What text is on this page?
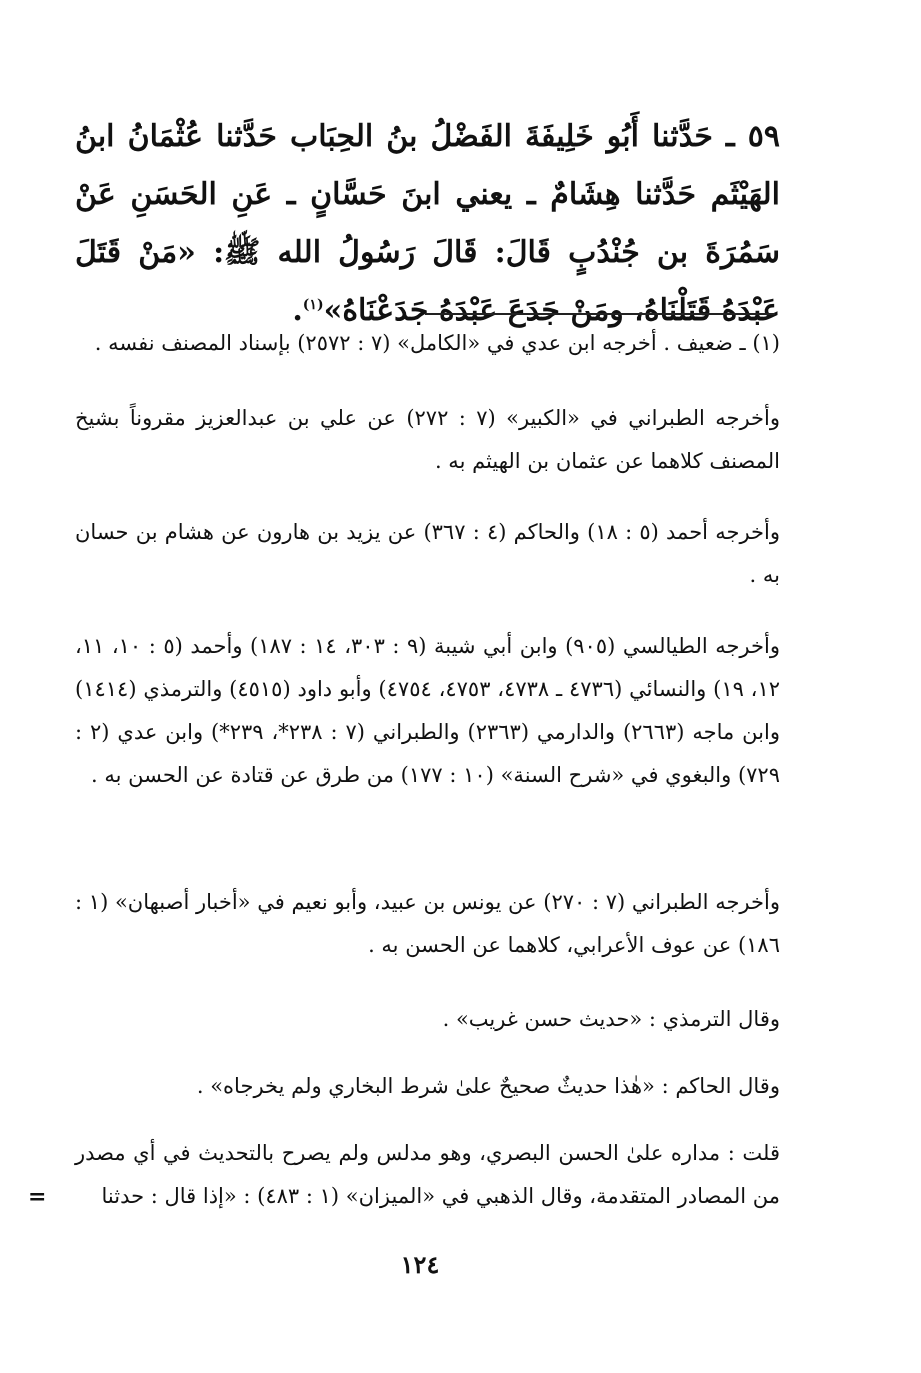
٥٩ ـ حَدَّثنا أَبُو خَلِيفَةَ الفَضْلُ بنُ الحِبَاب حَدَّثنا عُثْمَانُ ابنُ الهَيْثَم حَدَّثنا هِشَامٌ ـ يعني ابنَ حَسَّانٍ ـ عَنِ الحَسَنِ عَنْ سَمُرَةَ بن جُنْدُبٍ قَالَ: قَالَ رَسُولُ الله ﷺ: «مَنْ قَتَلَ عَبْدَهُ قَتَلْنَاهُ، ومَنْ جَدَعَ عَبْدَهُ جَدَعْنَاهُ»$^{(١)}$.
(١) ـ ضعيف . أخرجه ابن عدي في «الكامل» (٧ : ٢٥٧٢) بإسناد المصنف نفسه .
وأخرجه الطبراني في «الكبير» (٧ : ٢٧٢) عن علي بن عبدالعزيز مقروناً بشيخ المصنف كلاهما عن عثمان بن الهيثم به .
وأخرجه أحمد (٥ : ١٨) والحاكم (٤ : ٣٦٧) عن يزيد بن هارون عن هشام بن حسان به .
وأخرجه الطيالسي (٩٠٥) وابن أبي شيبة (٩ : ٣٠٣، ١٤ : ١٨٧) وأحمد (٥ : ١٠، ١١، ١٢، ١٩) والنسائي (٤٧٣٦ ـ ٤٧٣٨، ٤٧٥٣، ٤٧٥٤) وأبو داود (٤٥١٥) والترمذي (١٤١٤) وابن ماجه (٢٦٦٣) والدارمي (٢٣٦٣) والطبراني (٧ : ٢٣٨*، ٢٣٩*) وابن عدي (٢ : ٧٢٩) والبغوي في «شرح السنة» (١٠ : ١٧٧) من طرق عن قتادة عن الحسن به .
وأخرجه الطبراني (٧ : ٢٧٠) عن يونس بن عبيد، وأبو نعيم في «أخبار أصبهان» (١ : ١٨٦) عن عوف الأعرابي، كلاهما عن الحسن به .
وقال الترمذي : «حديث حسن غريب» .
وقال الحاكم : «هٰذا حديثٌ صحيحٌ علىٰ شرط البخاري ولم يخرجاه» .
قلت : مداره علىٰ الحسن البصري، وهو مدلس ولم يصرح بالتحديث في أي مصدر من المصادر المتقدمة، وقال الذهبي في «الميزان» (١ : ٤٨٣) : «إذا قال : حدثنا
=
١٢٤
